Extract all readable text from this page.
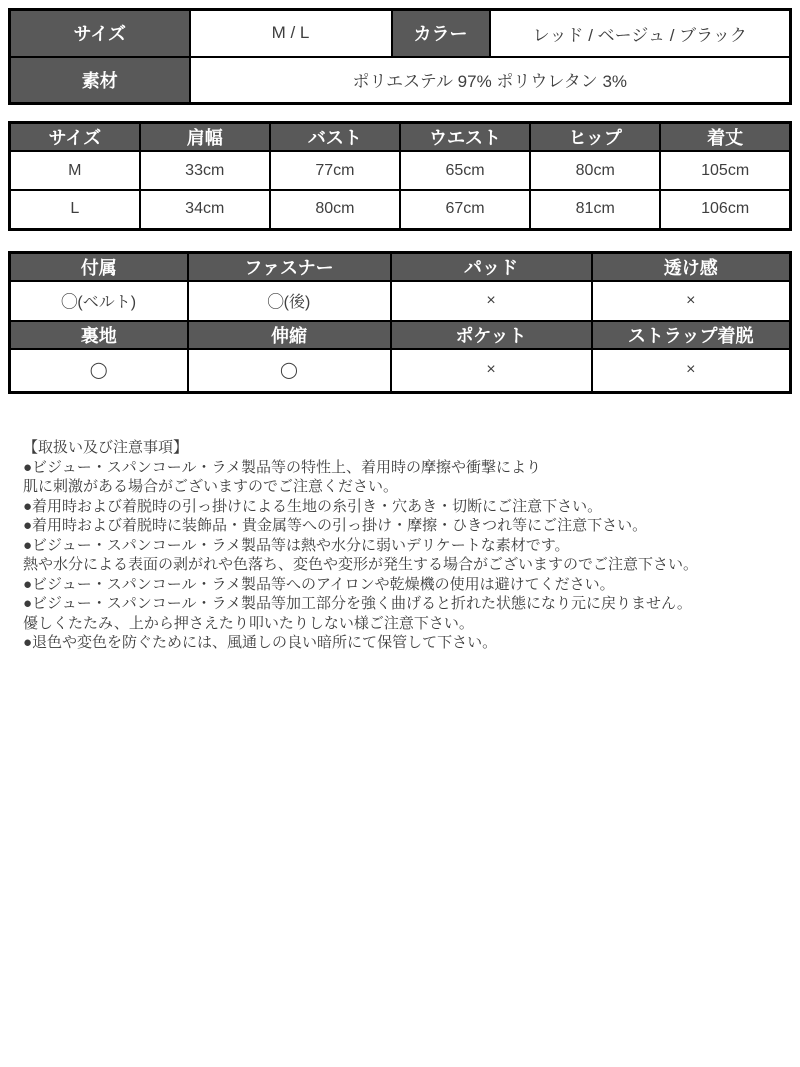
サイズ	M / L	カラー	レッド / ベージュ / ブラック
素材	ポリエステル 97% ポリウレタン 3%		
サイズ	肩幅	バスト	ウエスト	ヒップ	着丈
M	33cm	77cm	65cm	80cm	105cm
L	34cm	80cm	67cm	81cm	106cm
付属	ファスナー	パッド	透け感
◯(ベルト)	◯(後)	×	×
裏地	伸縮	ポケット	ストラップ着脱
◯	◯	×	×
【取扱い及び注意事項】
●ビジュー・スパンコール・ラメ製品等の特性上、着用時の摩擦や衝撃により
肌に刺激がある場合がございますのでご注意ください。
●着用時および着脱時の引っ掛けによる生地の糸引き・穴あき・切断にご注意下さい。
●着用時および着脱時に装飾品・貴金属等への引っ掛け・摩擦・ひきつれ等にご注意下さい。
●ビジュー・スパンコール・ラメ製品等は熱や水分に弱いデリケートな素材です。
熱や水分による表面の剥がれや色落ち、変色や変形が発生する場合がございますのでご注意下さい。
●ビジュー・スパンコール・ラメ製品等へのアイロンや乾燥機の使用は避けてください。
●ビジュー・スパンコール・ラメ製品等加工部分を強く曲げると折れた状態になり元に戻りません。
優しくたたみ、上から押さえたり叩いたりしない様ご注意下さい。
●退色や変色を防ぐためには、風通しの良い暗所にて保管して下さい。
